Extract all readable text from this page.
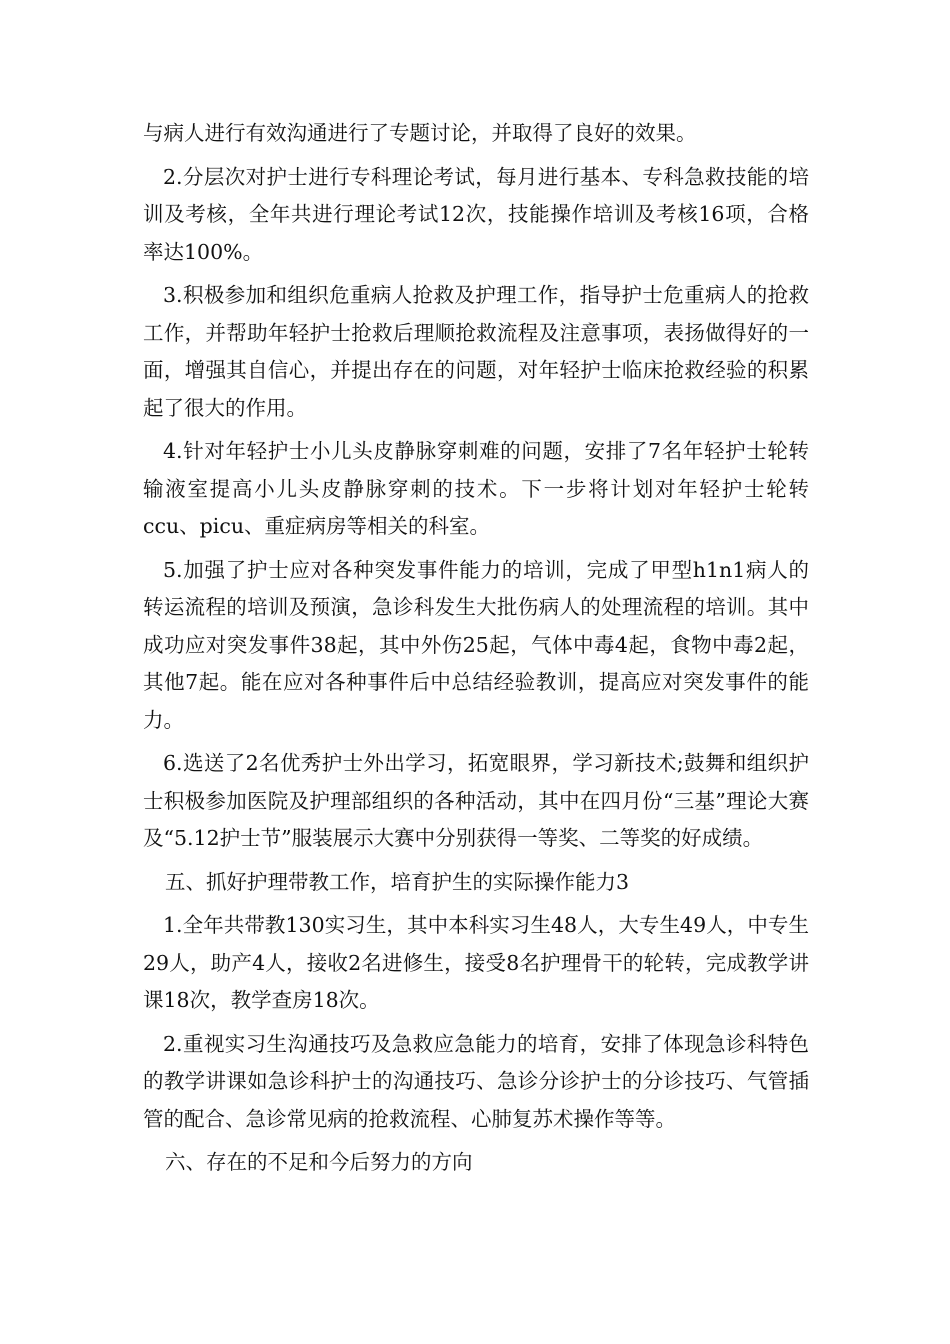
与病人进行有效沟通进行了专题讨论，并取得了良好的效果。

2.分层次对护士进行专科理论考试，每月进行基本、专科急救技能的培训及考核，全年共进行理论考试12次，技能操作培训及考核16项，合格率达100%。

3.积极参加和组织危重病人抢救及护理工作，指导护士危重病人的抢救工作，并帮助年轻护士抢救后理顺抢救流程及注意事项，表扬做得好的一面，增强其自信心，并提出存在的问题，对年轻护士临床抢救经验的积累起了很大的作用。

4.针对年轻护士小儿头皮静脉穿刺难的问题，安排了7名年轻护士轮转输液室提高小儿头皮静脉穿刺的技术。下一步将计划对年轻护士轮转ccu、picu、重症病房等相关的科室。

5.加强了护士应对各种突发事件能力的培训，完成了甲型h1n1病人的转运流程的培训及预演，急诊科发生大批伤病人的处理流程的培训。其中成功应对突发事件38起，其中外伤25起，气体中毒4起，食物中毒2起，其他7起。能在应对各种事件后中总结经验教训，提高应对突发事件的能力。

6.选送了2名优秀护士外出学习，拓宽眼界，学习新技术;鼓舞和组织护士积极参加医院及护理部组织的各种活动，其中在四月份“三基”理论大赛及“5.12护士节”服装展示大赛中分别获得一等奖、二等奖的好成绩。

五、抓好护理带教工作，培育护生的实际操作能力3

1.全年共带教130实习生，其中本科实习生48人，大专生49人，中专生29人，助产4人，接收2名进修生，接受8名护理骨干的轮转，完成教学讲课18次，教学查房18次。

2.重视实习生沟通技巧及急救应急能力的培育，安排了体现急诊科特色的教学讲课如急诊科护士的沟通技巧、急诊分诊护士的分诊技巧、气管插管的配合、急诊常见病的抢救流程、心肺复苏术操作等等。

六、存在的不足和今后努力的方向
